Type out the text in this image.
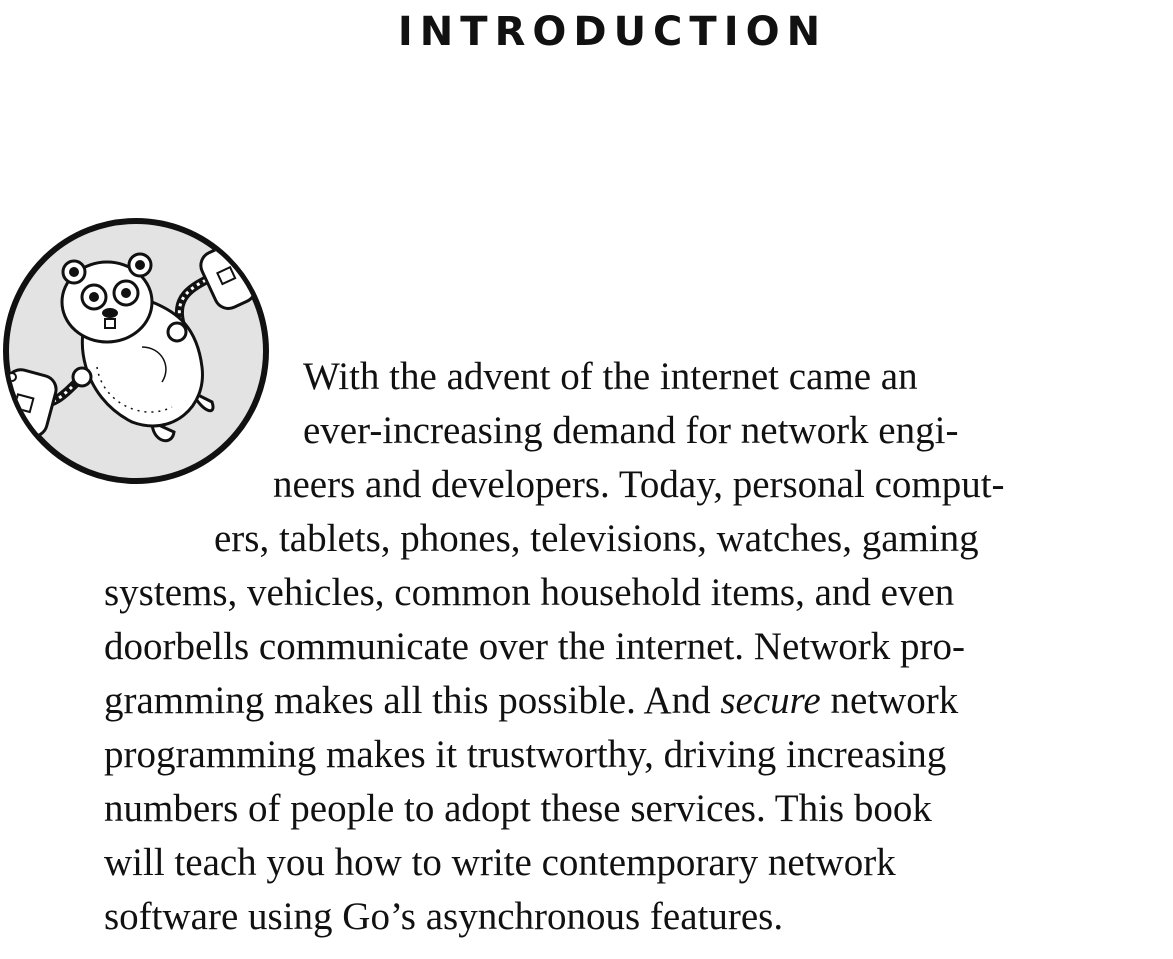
INTRODUCTION
With the advent of the internet came an
ever-increasing demand for network engi-
neers and developers. Today, personal comput-
ers, tablets, phones, televisions, watches, gaming
systems, vehicles, common household items, and even
doorbells communicate over the internet. Network pro-
gramming makes all this possible. And secure network
programming makes it trustworthy, driving increasing
numbers of people to adopt these services. This book
will teach you how to write contemporary network
software using Go’s asynchronous features.
